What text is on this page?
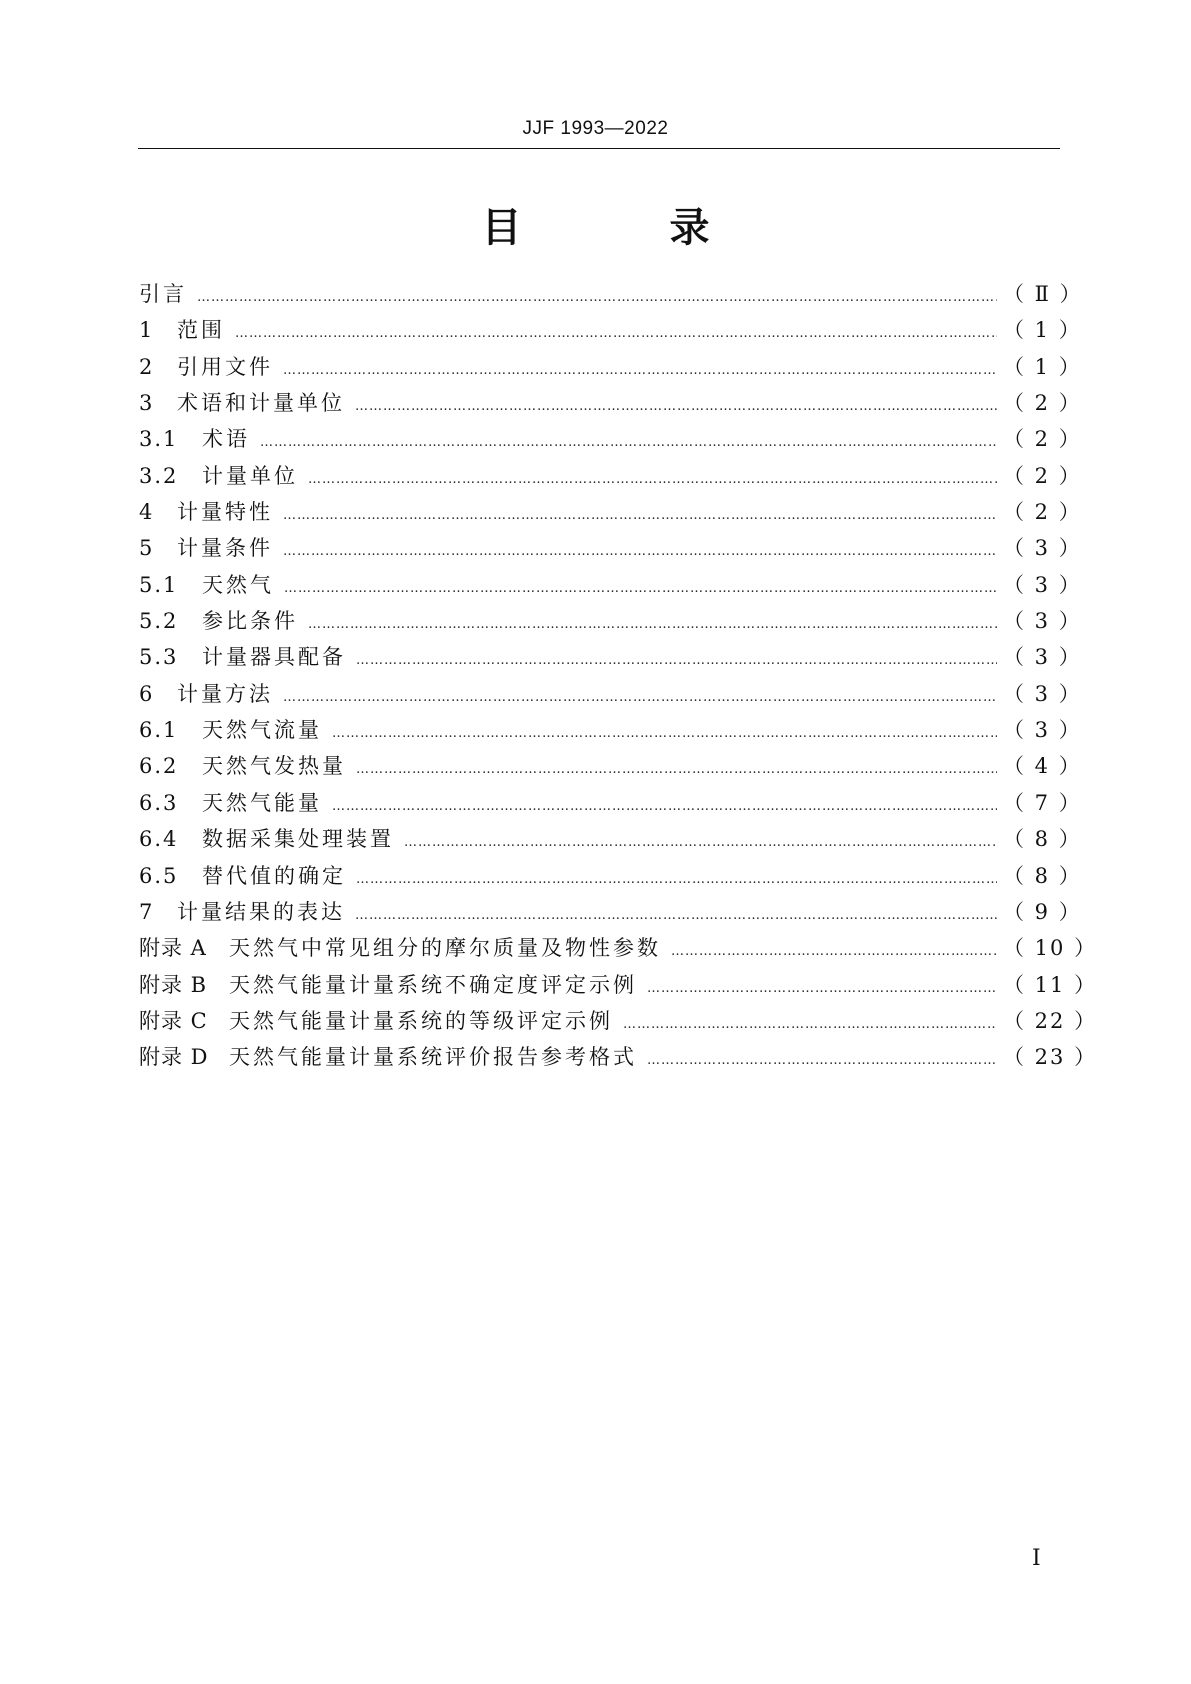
JJF 1993—2022
目　录
引言 …………………………………………………………………………………………………………………………………………………………………………………………………………………………	（ Ⅱ ）
1	范围 …………………………………………………………………………………………………………………………………………………………………………………………………………………………	（ 1 ）
2	引用文件 …………………………………………………………………………………………………………………………………………………………………………………………………………………………	（ 1 ）
3	术语和计量单位 …………………………………………………………………………………………………………………………………………………………………………………………………………………………	（ 2 ）
3.1	术语 …………………………………………………………………………………………………………………………………………………………………………………………………………………………	（ 2 ）
3.2	计量单位 …………………………………………………………………………………………………………………………………………………………………………………………………………………………	（ 2 ）
4	计量特性 …………………………………………………………………………………………………………………………………………………………………………………………………………………………	（ 2 ）
5	计量条件 …………………………………………………………………………………………………………………………………………………………………………………………………………………………	（ 3 ）
5.1	天然气 …………………………………………………………………………………………………………………………………………………………………………………………………………………………	（ 3 ）
5.2	参比条件 …………………………………………………………………………………………………………………………………………………………………………………………………………………………	（ 3 ）
5.3	计量器具配备 …………………………………………………………………………………………………………………………………………………………………………………………………………………………	（ 3 ）
6	计量方法 …………………………………………………………………………………………………………………………………………………………………………………………………………………………	（ 3 ）
6.1	天然气流量 …………………………………………………………………………………………………………………………………………………………………………………………………………………………	（ 3 ）
6.2	天然气发热量 …………………………………………………………………………………………………………………………………………………………………………………………………………………………	（ 4 ）
6.3	天然气能量 …………………………………………………………………………………………………………………………………………………………………………………………………………………………	（ 7 ）
6.4	数据采集处理装置 …………………………………………………………………………………………………………………………………………………………………………………………………………………………	（ 8 ）
6.5	替代值的确定 …………………………………………………………………………………………………………………………………………………………………………………………………………………………	（ 8 ）
7	计量结果的表达 …………………………………………………………………………………………………………………………………………………………………………………………………………………………	（ 9 ）
附录 A	天然气中常见组分的摩尔质量及物性参数 …………………………………………………………………………………………………………………………………………………………………………………………………………………………	（ 10 ）
附录 B	天然气能量计量系统不确定度评定示例 …………………………………………………………………………………………………………………………………………………………………………………………………………………………	（ 11 ）
附录 C	天然气能量计量系统的等级评定示例 …………………………………………………………………………………………………………………………………………………………………………………………………………………………	（ 22 ）
附录 D 天然气能量计量系统评价报告参考格式 …………………………………………………………………………………………………………………………………………………………………………………………………………………………	（ 23 ）
I
